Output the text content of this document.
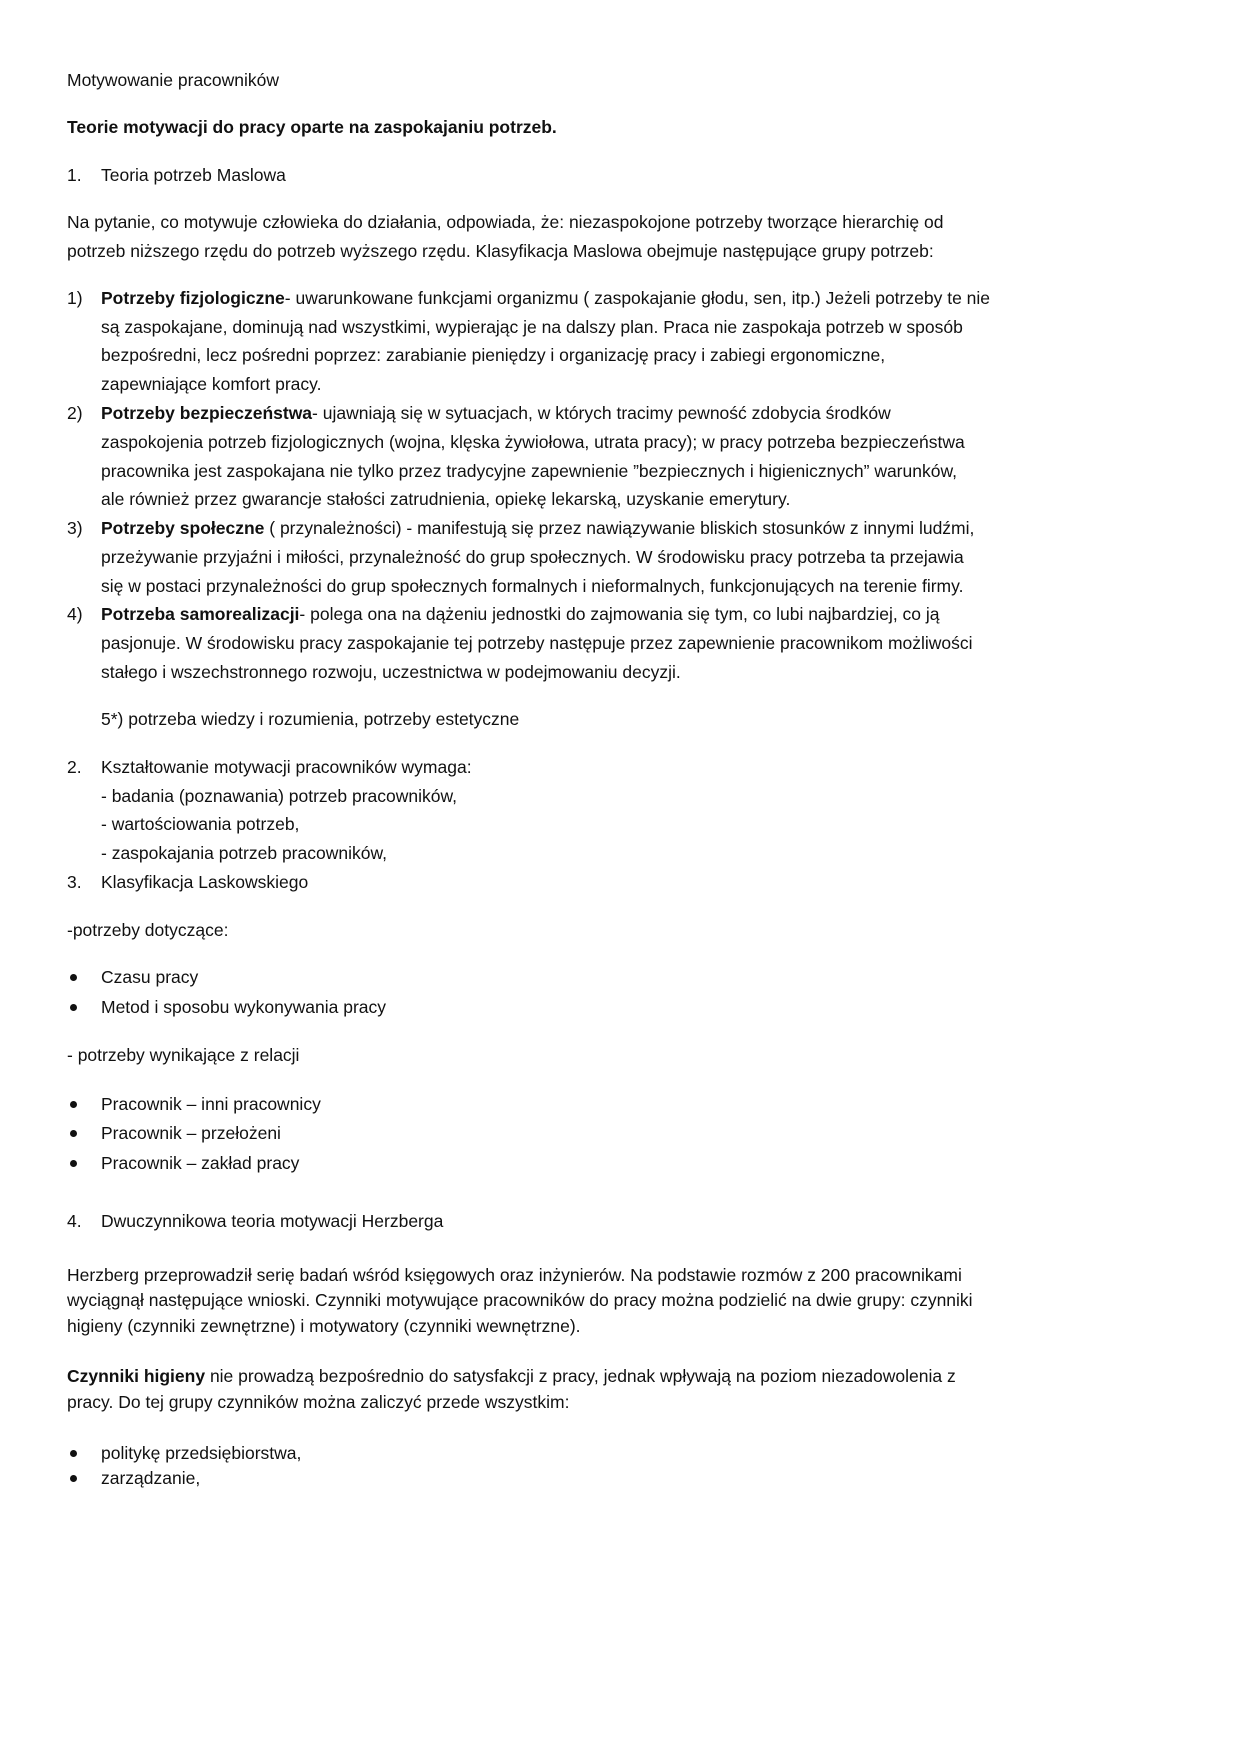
Motywowanie pracowników
Teorie motywacji do pracy oparte na zaspokajaniu potrzeb.
1. Teoria potrzeb Maslowa
Na pytanie, co motywuje człowieka do działania, odpowiada, że: niezaspokojone potrzeby tworzące hierarchię od
potrzeb niższego rzędu do potrzeb wyższego rzędu. Klasyfikacja Maslowa obejmuje następujące grupy potrzeb:
1) Potrzeby fizjologiczne- uwarunkowane funkcjami organizmu ( zaspokajanie głodu, sen, itp.) Jeżeli potrzeby te nie
są zaspokajane, dominują nad wszystkimi, wypierając je na dalszy plan. Praca nie zaspokaja potrzeb w sposób
bezpośredni, lecz pośredni poprzez: zarabianie pieniędzy i organizację pracy i zabiegi ergonomiczne,
zapewniające komfort pracy.
2) Potrzeby bezpieczeństwa- ujawniają się w sytuacjach, w których tracimy pewność zdobycia środków
zaspokojenia potrzeb fizjologicznych (wojna, klęska żywiołowa, utrata pracy); w pracy potrzeba bezpieczeństwa
pracownika jest zaspokajana nie tylko przez tradycyjne zapewnienie ”bezpiecznych i higienicznych” warunków,
ale również przez gwarancje stałości zatrudnienia, opiekę lekarską, uzyskanie emerytury.
3) Potrzeby społeczne ( przynależności) - manifestują się przez nawiązywanie bliskich stosunków z innymi ludźmi,
przeżywanie przyjaźni i miłości, przynależność do grup społecznych. W środowisku pracy potrzeba ta przejawia
się w postaci przynależności do grup społecznych formalnych i nieformalnych, funkcjonujących na terenie firmy.
4) Potrzeba samorealizacji- polega ona na dążeniu jednostki do zajmowania się tym, co lubi najbardziej, co ją
pasjonuje. W środowisku pracy zaspokajanie tej potrzeby następuje przez zapewnienie pracownikom możliwości
stałego i wszechstronnego rozwoju, uczestnictwa w podejmowaniu decyzji.
5*) potrzeba wiedzy i rozumienia, potrzeby estetyczne
2. Kształtowanie motywacji pracowników wymaga:
- badania (poznawania) potrzeb pracowników,
- wartościowania potrzeb,
- zaspokajania potrzeb pracowników,
3. Klasyfikacja Laskowskiego
-potrzeby dotyczące:
Czasu pracy
Metod i sposobu wykonywania pracy
- potrzeby wynikające z relacji
Pracownik – inni pracownicy
Pracownik – przełożeni
Pracownik – zakład pracy
4. Dwuczynnikowa teoria motywacji Herzberga
Herzberg przeprowadził serię badań wśród księgowych oraz inżynierów. Na podstawie rozmów z 200 pracownikami
wyciągnął następujące wnioski. Czynniki motywujące pracowników do pracy można podzielić na dwie grupy: czynniki
higieny (czynniki zewnętrzne) i motywatory (czynniki wewnętrzne).
Czynniki higieny nie prowadzą bezpośrednio do satysfakcji z pracy, jednak wpływają na poziom niezadowolenia z
pracy. Do tej grupy czynników można zaliczyć przede wszystkim:
politykę przedsiębiorstwa,
zarządzanie,
